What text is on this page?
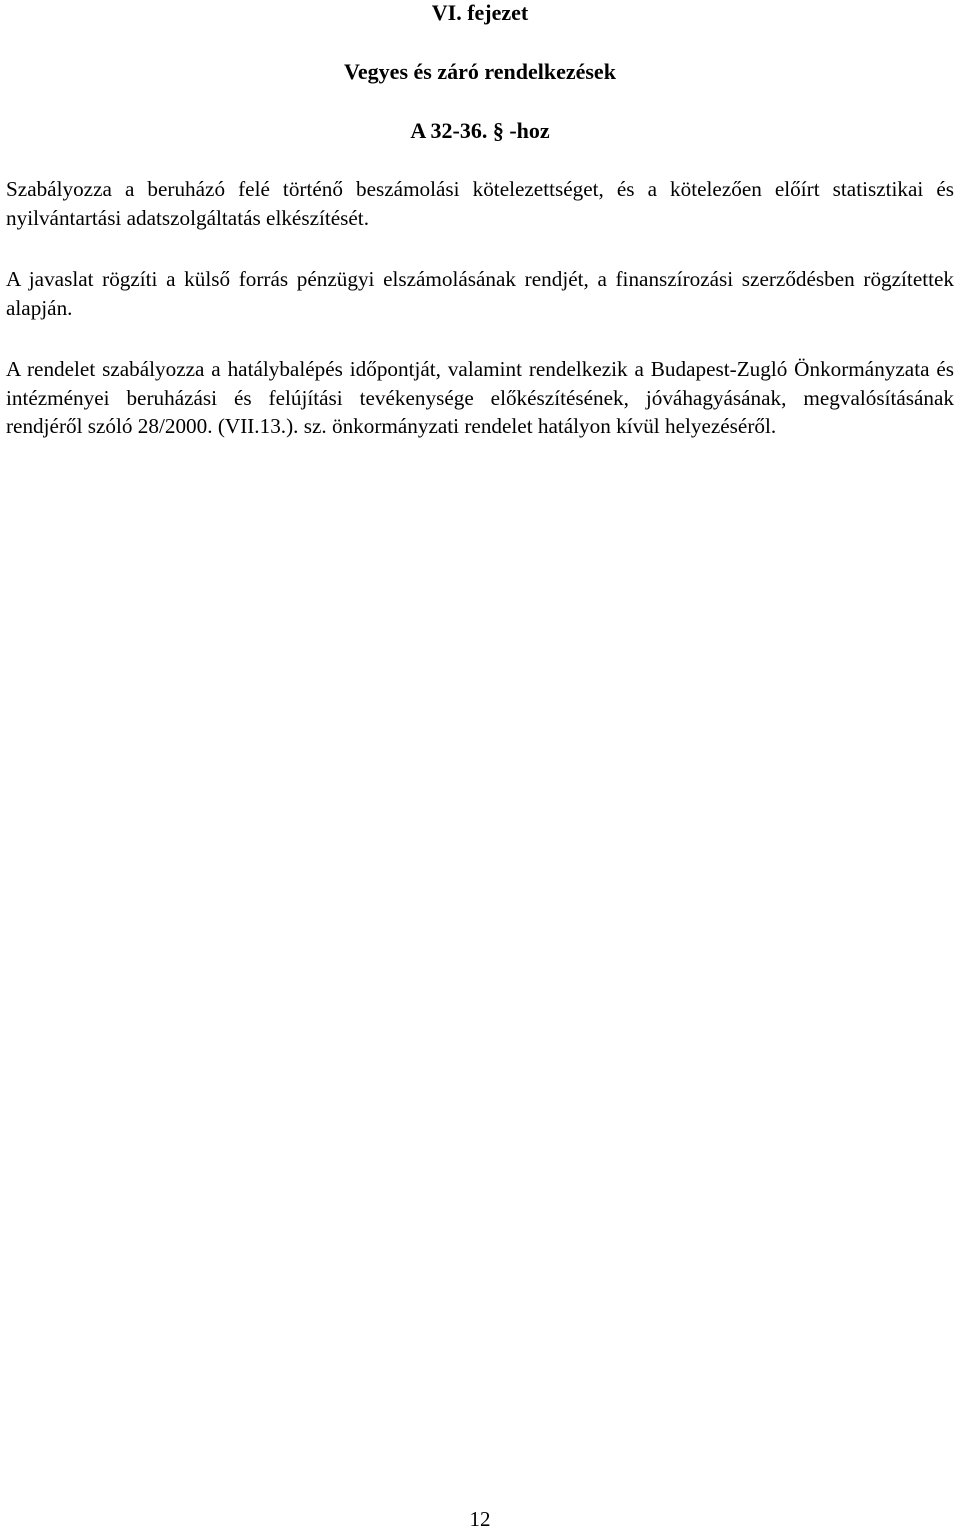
VI. fejezet
Vegyes és záró rendelkezések
A 32-36. § -hoz

Szabályozza a beruházó felé történő beszámolási kötelezettséget, és a kötelezően előírt statisztikai és nyilvántartási adatszolgáltatás elkészítését.

A javaslat rögzíti a külső forrás pénzügyi elszámolásának rendjét, a finanszírozási szerződésben rögzítettek alapján.

A rendelet szabályozza a hatálybalépés időpontját, valamint rendelkezik a Budapest-Zugló Önkormányzata és intézményei beruházási és felújítási tevékenysége előkészítésének, jóváhagyásának, megvalósításának rendjéről szóló 28/2000. (VII.13.). sz. önkormányzati rendelet hatályon kívül helyezéséről.

12
